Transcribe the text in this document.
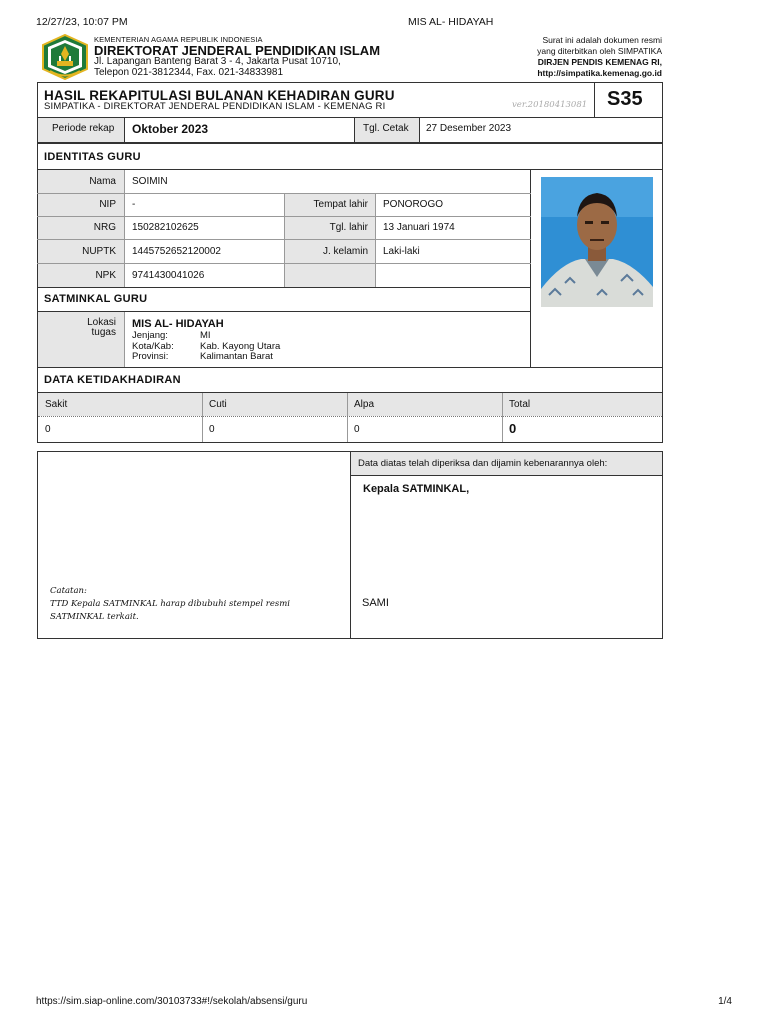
12/27/23, 10:07 PM	MIS AL- HIDAYAH
https://sim.siap-online.com/30103733#!/sekolah/absensi/guru	1/4
KEMENTERIAN AGAMA REPUBLIK INDONESIA
DIREKTORAT JENDERAL PENDIDIKAN ISLAM
Jl. Lapangan Banteng Barat 3 - 4, Jakarta Pusat 10710,
Telepon 021-3812344, Fax. 021-34833981
Surat ini adalah dokumen resmi
yang diterbitkan oleh SIMPATIKA
DIRJEN PENDIS KEMENAG RI,
http://simpatika.kemenag.go.id
HASIL REKAPITULASI BULANAN KEHADIRAN GURU
SIMPATIKA - DIREKTORAT JENDERAL PENDIDIKAN ISLAM - KEMENAG RI	ver.20180413081 S35
Periode rekap Oktober 2023	Tgl. Cetak 27 Desember 2023
IDENTITAS GURU
Nama SOIMIN
NIP -	Tempat lahir PONOROGO
NRG 150282102625	Tgl. lahir 13 Januari 1974
NUPTK 1445752652120002	J. kelamin Laki-laki
NPK 9741430041026
SATMINKAL GURU
Lokasi
tugas
MIS AL- HIDAYAH
Jenjang:	MI
Kota/Kab:	Kab. Kayong Utara
Provinsi:	Kalimantan Barat
DATA KETIDAKHADIRAN
Sakit	Cuti	Alpa	Total
0	0	0	0
Data diatas telah diperiksa dan dijamin kebenarannya oleh:
Kepala SATMINKAL,
SAMI
Catatan:
TTD Kepala SATMINKAL harap dibubuhi stempel resmi
SATMINKAL terkait.
